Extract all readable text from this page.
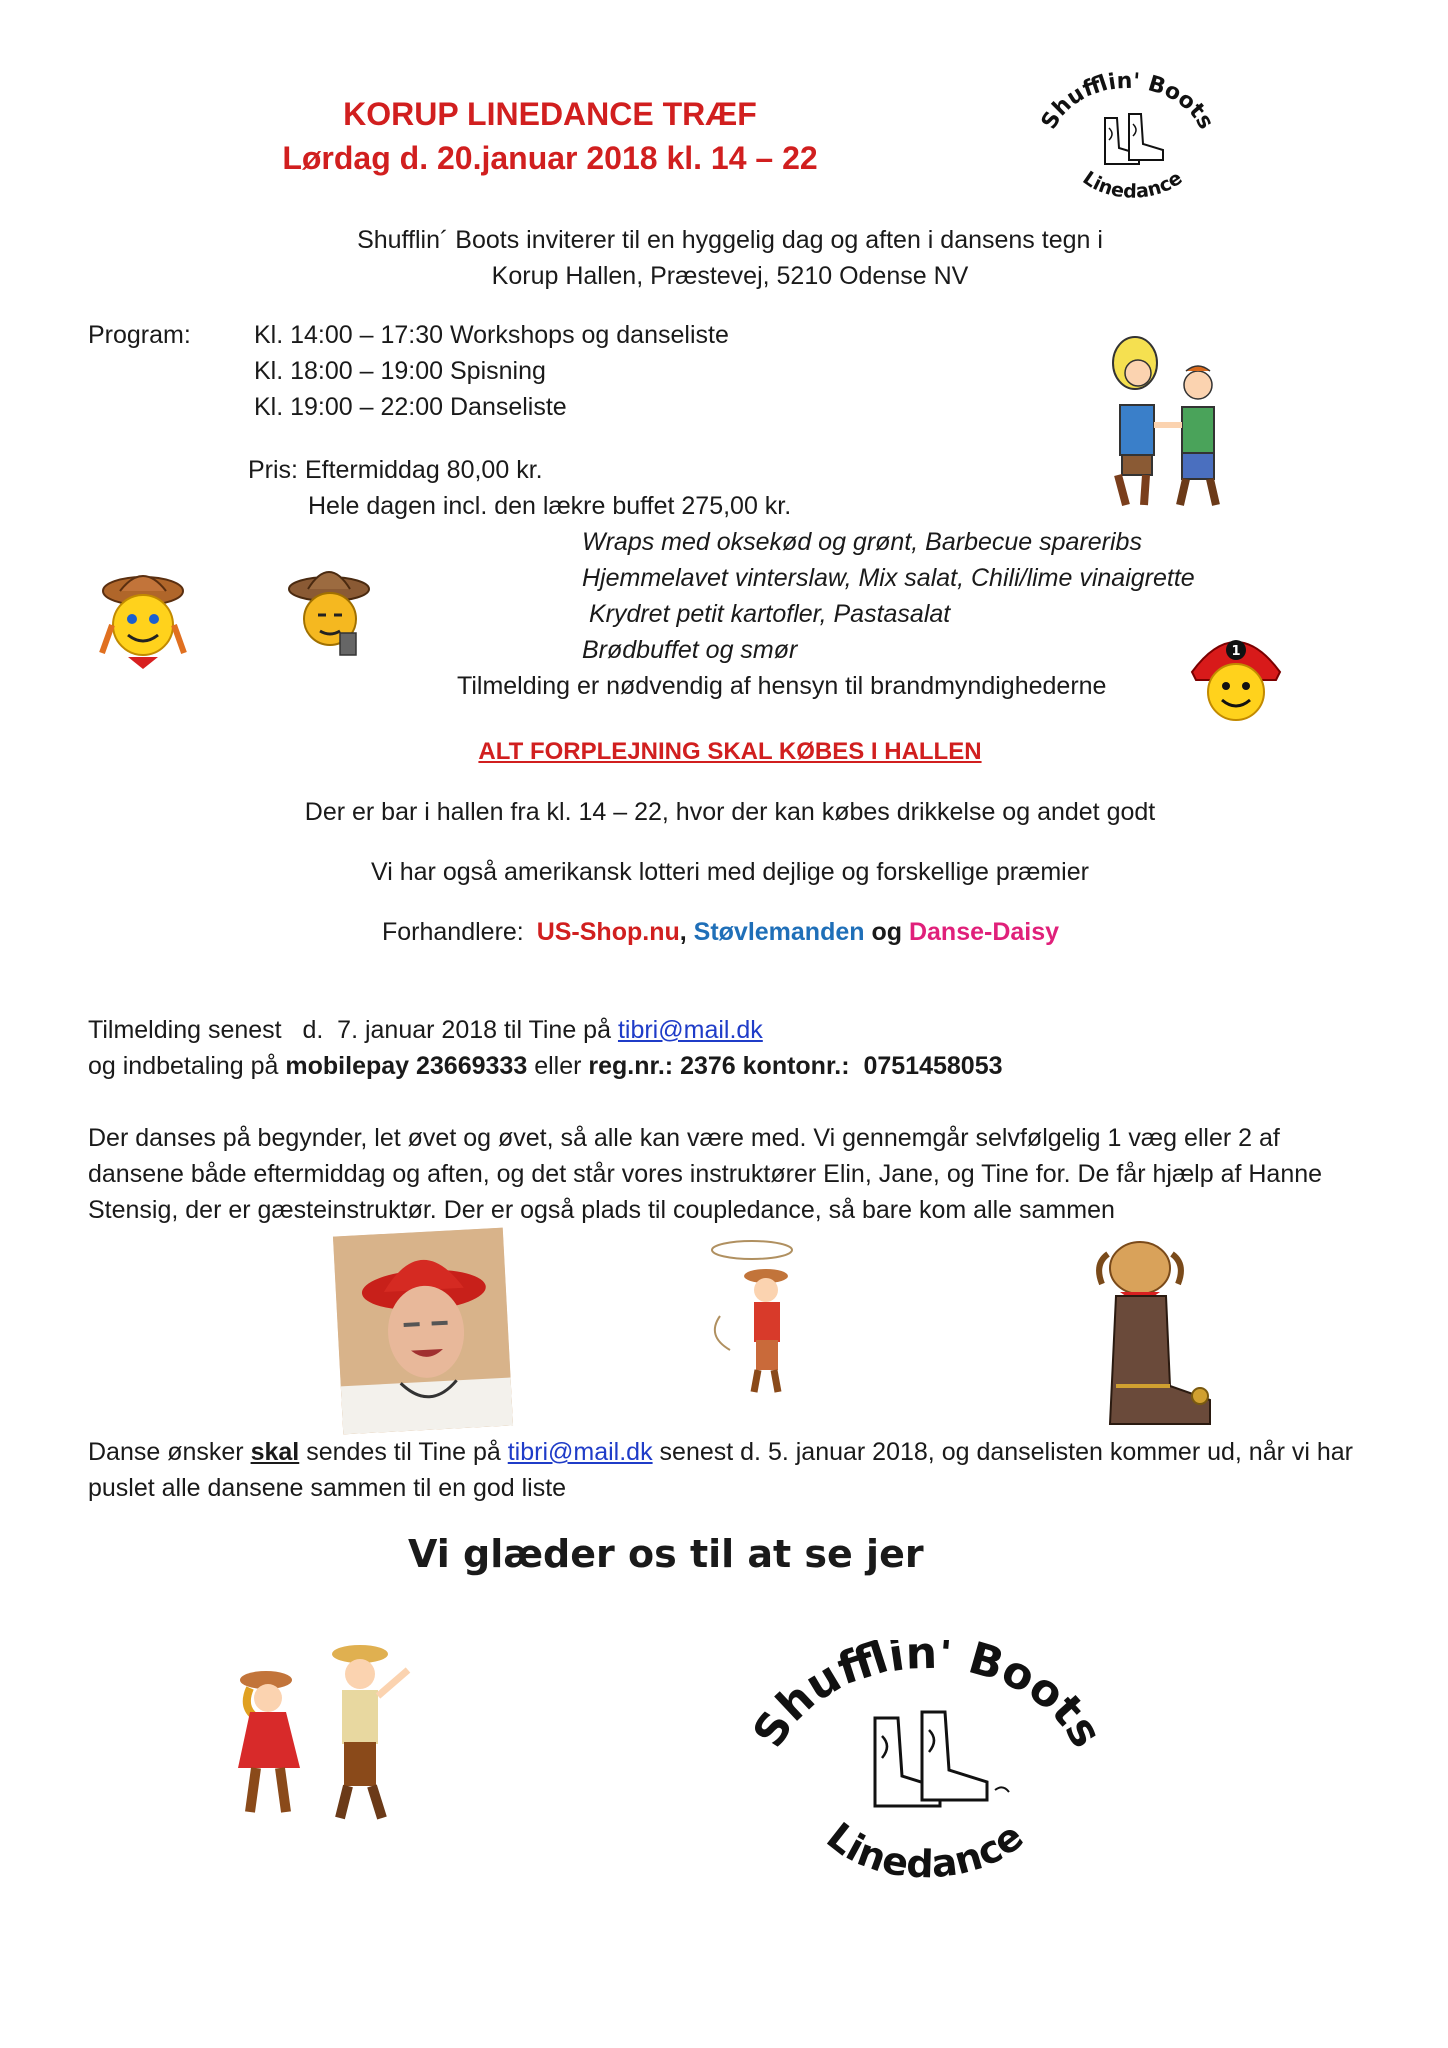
KORUP LINEDANCE TRÆF
Lørdag d. 20.januar 2018 kl. 14 – 22
Shufflin' Boots
Linedance
Shufflin´ Boots inviterer til en hyggelig dag og aften i dansens tegn i
Korup Hallen, Præstevej, 5210 Odense NV
Program:	Kl. 14:00 – 17:30 Workshops og danseliste
Kl. 18:00 – 19:00 Spisning
Kl. 19:00 – 22:00 Danseliste
Pris: Eftermiddag 80,00 kr.
Hele dagen incl. den lækre buffet 275,00 kr.
Wraps med oksekød og grønt, Barbecue spareribs
Hjemmelavet vinterslaw, Mix salat, Chili/lime vinaigrette
Krydret petit kartofler, Pastasalat
Brødbuffet og smør
Tilmelding er nødvendig af hensyn til brandmyndighederne
1
ALT FORPLEJNING SKAL KØBES I HALLEN
Der er bar i hallen fra kl. 14 – 22, hvor der kan købes drikkelse og andet godt
Vi har også amerikansk lotteri med dejlige og forskellige præmier
Forhandlere: US-Shop.nu, Støvlemanden og Danse-Daisy
Tilmelding senest   d.  7. januar 2018 til Tine på tibri@mail.dk
og indbetaling på mobilepay 23669333 eller reg.nr.: 2376 kontonr.:  0751458053
Der danses på begynder, let øvet og øvet, så alle kan være med. Vi gennemgår selvfølgelig 1 væg eller 2 af dansene både eftermiddag og aften, og det står vores instruktører Elin, Jane, og Tine for. De får hjælp af Hanne Stensig, der er gæsteinstruktør. Der er også plads til coupledance, så bare kom alle sammen
Danse ønsker skal sendes til Tine på tibri@mail.dk senest d. 5. januar 2018, og danselisten kommer ud, når vi har puslet alle dansene sammen til en god liste
Vi glæder os til at se jer
Shufflin' Boots
Linedance
